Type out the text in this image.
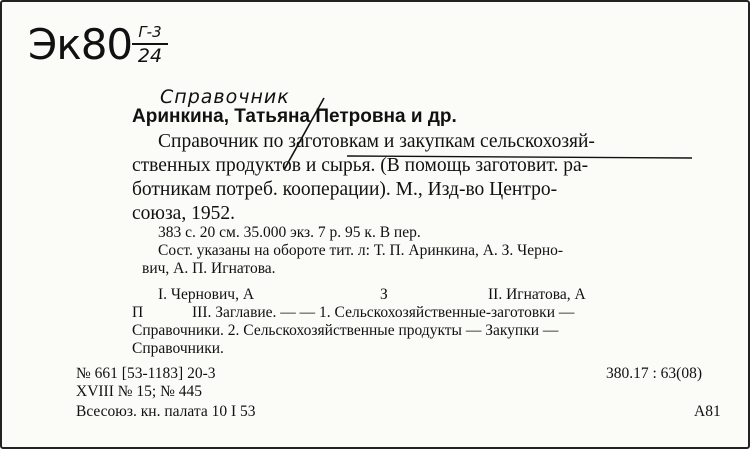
Эк80 Г-3
24
Справочник
Аринкина, Татьяна Петровна и др.
Справочник по заготовкам и закупкам сельскохозяй-
ственных продуктов и сырья. (В помощь заготовит. ра-
ботникам потреб. кооперации). М., Изд-во Центро-
союза, 1952.
383 с. 20 см. 35.000 экз. 7 р. 95 к. В пер.
Сост. указаны на обороте тит. л: Т. П. Аринкина, А. З. Черно-
вич, А. П. Игнатова.
I. Чернович, А	З	II. Игнатова, А
П	III. Заглавие. — — 1. Сельскохозяйственные-заготовки —
Справочники. 2. Сельскохозяйственные продукты — Закупки —
Справочники.
№ 661 [53-1183] 20-3
XVIII № 15; № 445
Всесоюз. кн. палата 10 I 53
380.17 : 63(08)
А81
